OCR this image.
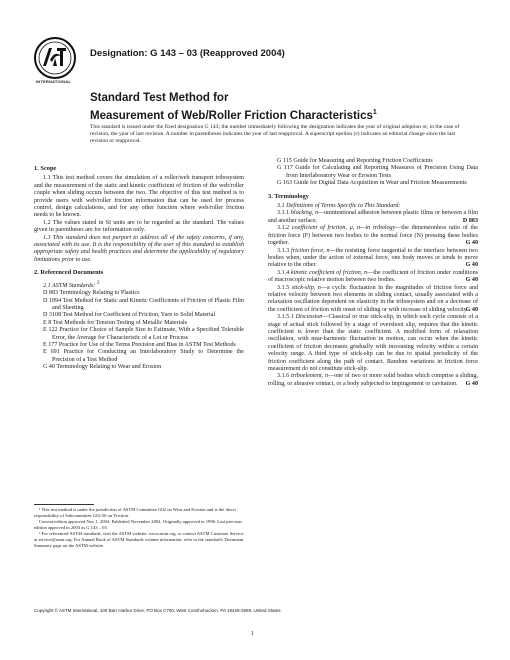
INTERNATIONAL
Designation: G 143 – 03 (Reapproved 2004)
Standard Test Method for
Measurement of Web/Roller Friction Characteristics$^1$
This standard is issued under the fixed designation G 143; the number immediately following the designation indicates the year of original adoption or, in the case of revision, the year of last revision. A number in parentheses indicates the year of last reapproval. A superscript epsilon (ε) indicates an editorial change since the last revision or reapproval.

1. Scope

1.1 This test method covers the simulation of a roller/web transport tribosystem and the measurement of the static and kinetic coefficient of friction of the web/roller couple when sliding occurs between the two. The objective of this test method is to provide users with web/roller friction information that can be used for process control, design calculations, and for any other function where web/roller friction needs to be known.

1.2 The values stated in SI units are to be regarded as the standard. The values given in parentheses are for information only.

1.3 This standard does not purport to address all of the safety concerns, if any, associated with its use. It is the responsibility of the user of this standard to establish appropriate safety and health practices and determine the applicability of regulatory limitations prior to use.

2. Referenced Documents

2.1 ASTM Standards: $^2$

D 883 Terminology Relating to Plastics

D 1894 Test Method for Static and Kinetic Coefficients of Friction of Plastic Film and Sheeting

D 3108 Test Method for Coefficient of Friction, Yarn to Solid Material

E 8 Test Methods for Tension Testing of Metallic Materials

E 122 Practice for Choice of Sample Size to Estimate, With a Specified Tolerable Error, the Average for Characteristic of a Lot or Process

E 177 Practice for Use of the Terms Precision and Bias in ASTM Test Methods

E 691 Practice for Conducting an Interlaboratory Study to Determine the Precision of a Test Method

G 40 Terminology Relating to Wear and Erosion

G 115 Guide for Measuring and Reporting Friction Coefficients

G 117 Guide for Calculating and Reporting Measures of Precision Using Data from Interlaboratory Wear or Erosion Tests

G 163 Guide for Digital Data Acquisition in Wear and Friction Measurements

3. Terminology

3.1 Definitions of Terms Specific to This Standard:

3.1.1 blocking, n—unintentional adhesion between plastic films or between a film and another surface.	D 883

3.1.2 coefficient of friction, μ, n—in tribology—the dimensionless ratio of the friction force (F) between two bodies to the normal force (N) pressing these bodies together.	G 40

3.1.3 friction force, n—the resisting force tangential to the interface between two bodies when, under the action of external force, one body moves or tends to move relative to the other.	G 40

3.1.4 kinetic coefficient of friction, n—the coefficient of friction under conditions of macroscopic relative motion between two bodies.	G 40

3.1.5 stick-slip, n—a cyclic fluctuation in the magnitudes of friction force and relative velocity between two elements in sliding contact, usually associated with a relaxation oscillation dependent on elasticity in the tribosystem and on a decrease of the coefficient of friction with onset of sliding or with increase of sliding velocity.

G 40

3.1.5.1 Discussion—Classical or true stick-slip, in which each cycle consists of a stage of actual stick followed by a stage of overshoot slip, requires that the kinetic coefficient is lower than the static coefficient. A modified form of relaxation oscillation, with near-harmonic fluctuation in motion, can occur when the kinetic coefficient of friction decreases gradually with increasing velocity within a certain velocity range. A third type of stick-slip can be due to spatial periodicity of the friction coefficient along the path of contact. Random variations in friction force measurement do not constitute stick-slip.

3.1.6 triboelement, n—one of two or more solid bodies which comprise a sliding, rolling, or abrasive contact, or a body subjected to impingement or cavitation.	G 40

¹ This test method is under the jurisdiction of ASTM Committee G02 on Wear and Erosion and is the direct responsibility of Subcommittee G02.50 on Friction.

Current edition approved Nov 1, 2004. Published November 2004. Originally approved in 1996. Last previous edition approved in 2003 as G 143 – 03.

² For referenced ASTM standards, visit the ASTM website, www.astm.org, or contact ASTM Customer Service at service@astm.org. For Annual Book of ASTM Standards volume information, refer to the standard's Document Summary page on the ASTM website.

Copyright © ASTM International, 100 Barr Harbor Drive, PO Box C700, West Conshohocken, PA 19428-2959, United States.
1
